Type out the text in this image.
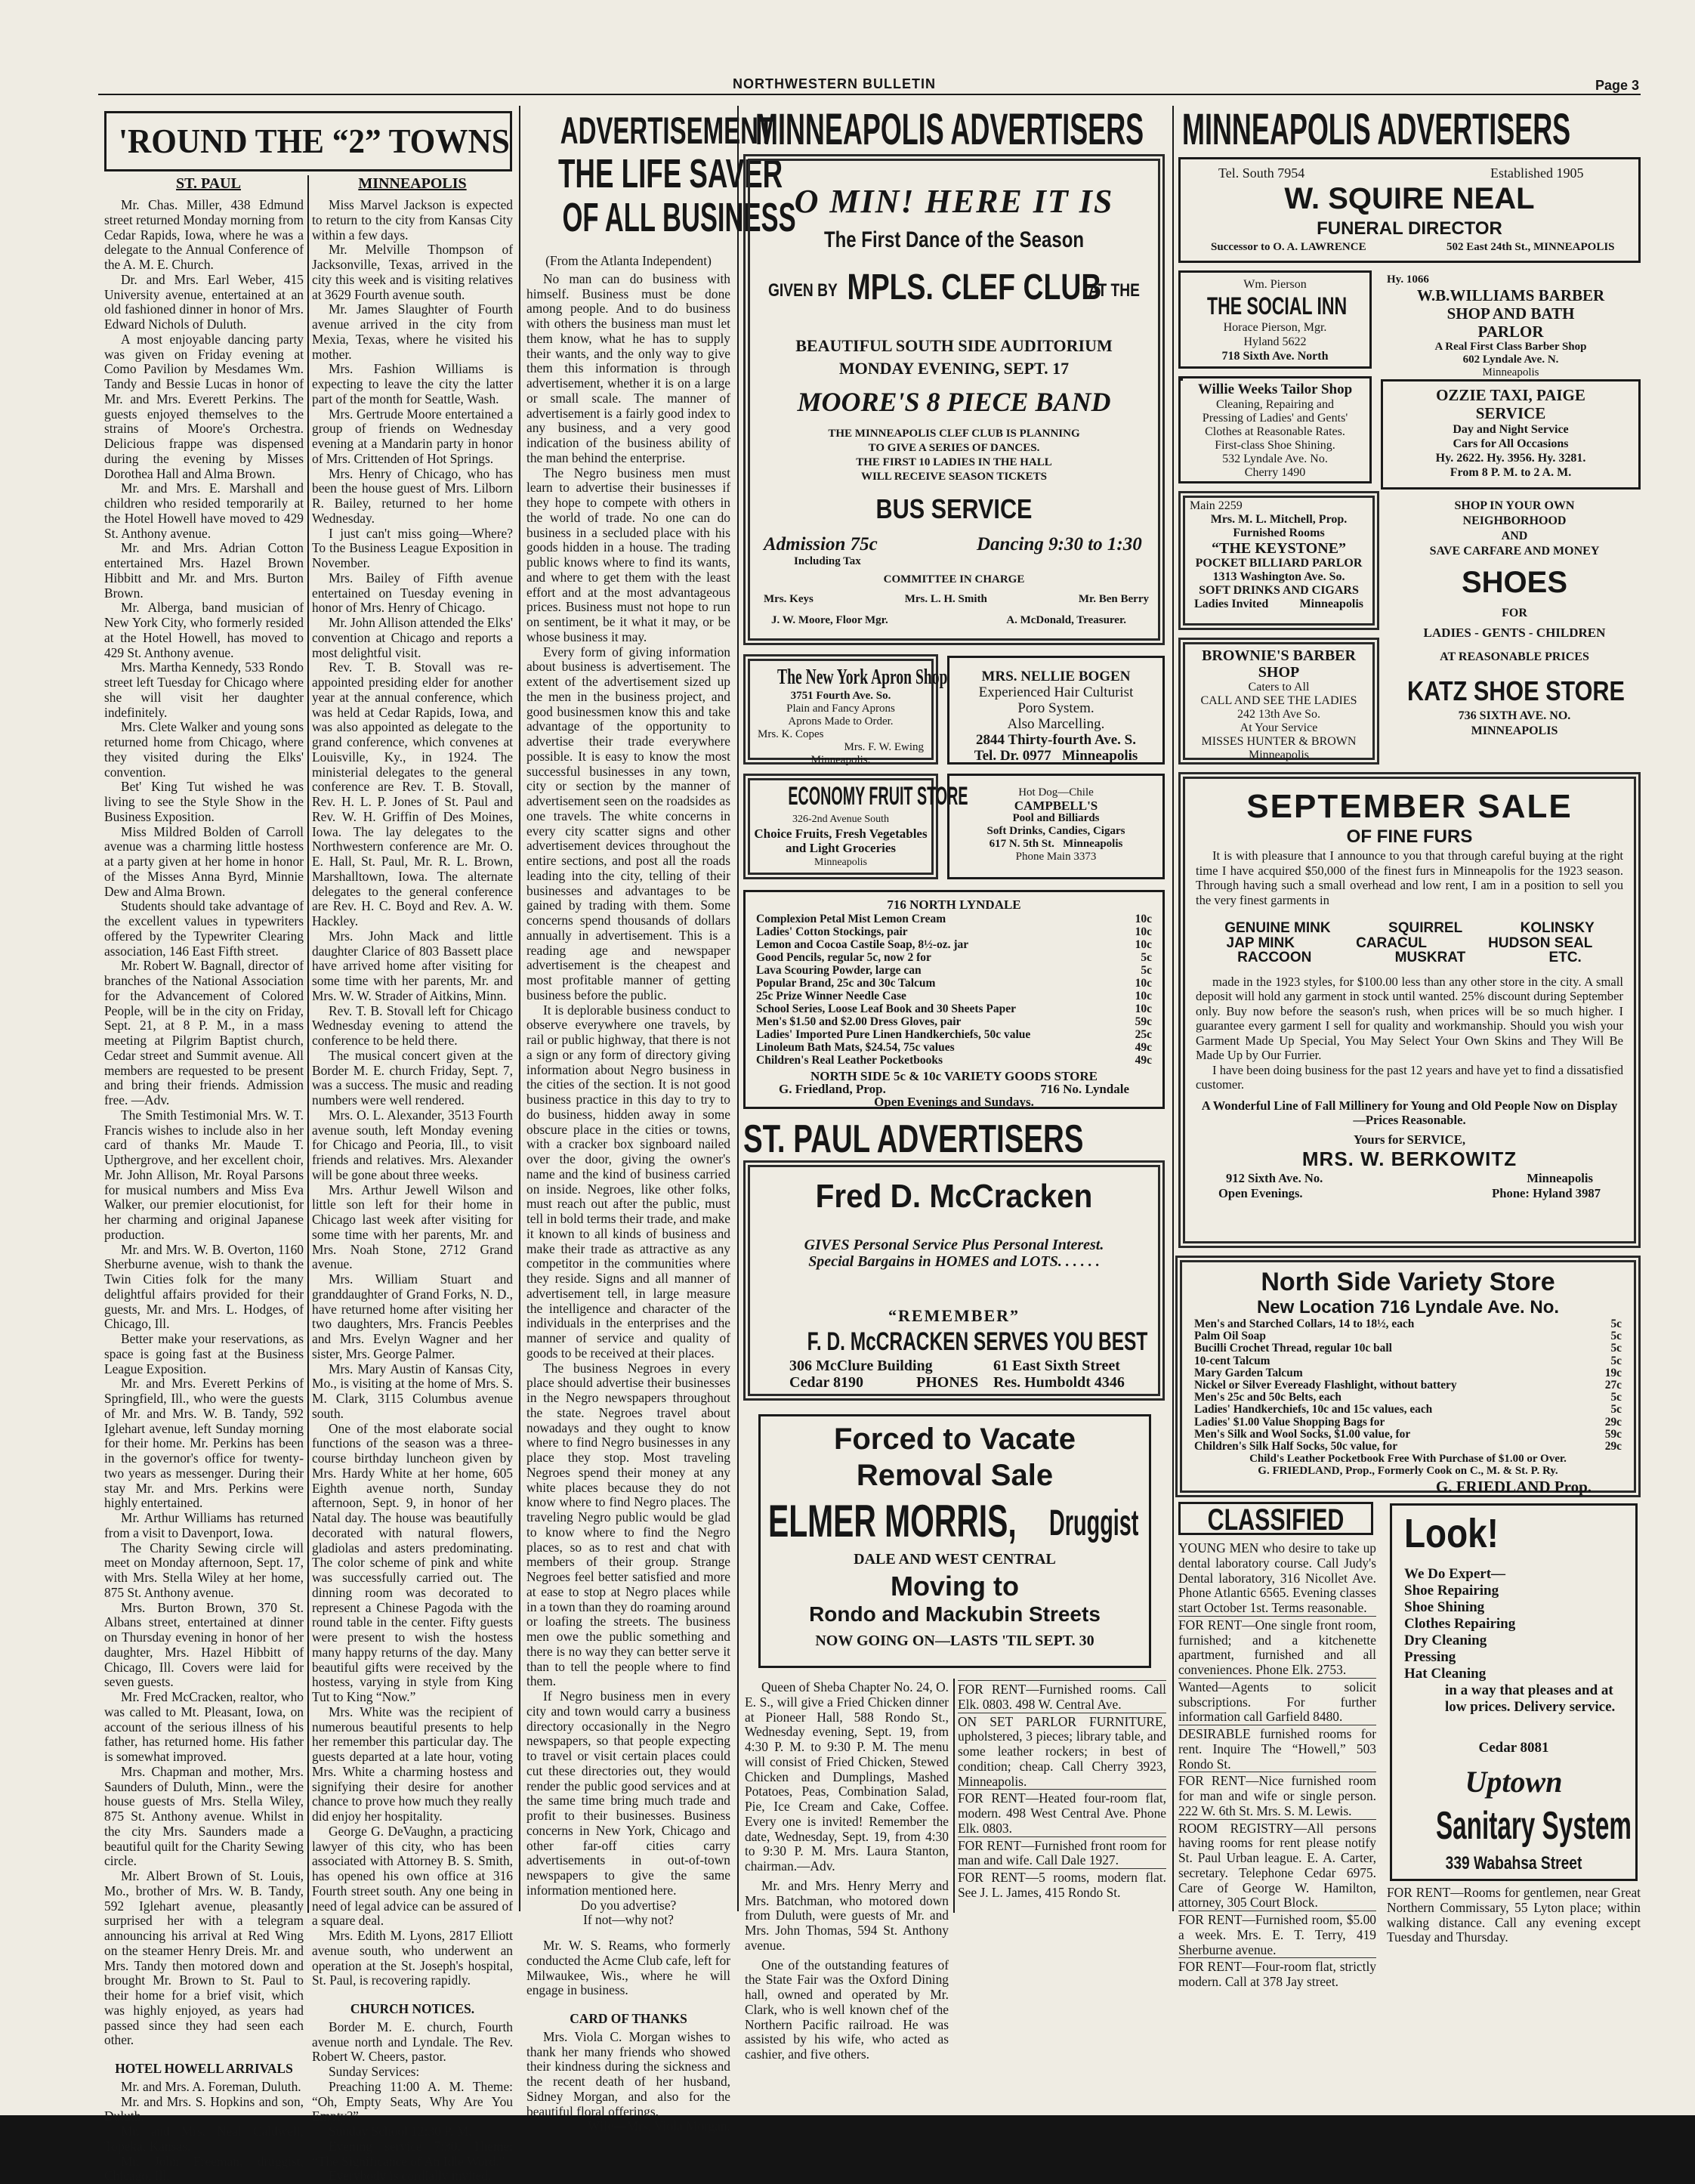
NORTHWESTERN BULLETIN	Page 3
'ROUND THE “2” TOWNS
ST. PAUL	MINNEAPOLIS

Mr. Chas. Miller, 438 Edmund street returned Monday morning from Cedar Rapids, Iowa, where he was a delegate to the Annual Conference of the A. M. E. Church.

Dr. and Mrs. Earl Weber, 415 University avenue, entertained at an old fashioned dinner in honor of Mrs. Edward Nichols of Duluth.

A most enjoyable dancing party was given on Friday evening at Como Pavilion by Mesdames Wm. Tandy and Bessie Lucas in honor of Mr. and Mrs. Everett Perkins. The guests enjoyed themselves to the strains of Moore's Orchestra. Delicious frappe was dispensed during the evening by Misses Dorothea Hall and Alma Brown.

Mr. and Mrs. E. Marshall and children who resided temporarily at the Hotel Howell have moved to 429 St. Anthony avenue.

Mr. and Mrs. Adrian Cotton entertained Mrs. Hazel Brown Hibbitt and Mr. and Mrs. Burton Brown.

Mr. Alberga, band musician of New York City, who formerly resided at the Hotel Howell, has moved to 429 St. Anthony avenue.

Mrs. Martha Kennedy, 533 Rondo street left Tuesday for Chicago where she will visit her daughter indefinitely.

Mrs. Clete Walker and young sons returned home from Chicago, where they visited during the Elks' convention.

Bet' King Tut wished he was living to see the Style Show in the Business Exposition.

Miss Mildred Bolden of Carroll avenue was a charming little hostess at a party given at her home in honor of the Misses Anna Byrd, Minnie Dew and Alma Brown.

Students should take advantage of the excellent values in typewriters offered by the Typewriter Clearing association, 146 East Fifth street.

Mr. Robert W. Bagnall, director of branches of the National Association for the Advancement of Colored People, will be in the city on Friday, Sept. 21, at 8 P. M., in a mass meeting at Pilgrim Baptist church, Cedar street and Summit avenue. All members are requested to be present and bring their friends. Admission free. —Adv.

The Smith Testimonial Mrs. W. T. Francis wishes to include also in her card of thanks Mr. Maude T. Upthergrove, and her excellent choir, Mr. John Allison, Mr. Royal Parsons for musical numbers and Miss Eva Walker, our premier elocutionist, for her charming and original Japanese production.

Mr. and Mrs. W. B. Overton, 1160 Sherburne avenue, wish to thank the Twin Cities folk for the many delightful affairs provided for their guests, Mr. and Mrs. L. Hodges, of Chicago, Ill.

Better make your reservations, as space is going fast at the Business League Exposition.

Mr. and Mrs. Everett Perkins of Springfield, Ill., who were the guests of Mr. and Mrs. W. B. Tandy, 592 Iglehart avenue, left Sunday morning for their home. Mr. Perkins has been in the governor's office for twenty-two years as messenger. During their stay Mr. and Mrs. Perkins were highly entertained.

Mr. Arthur Williams has returned from a visit to Davenport, Iowa.

The Charity Sewing circle will meet on Monday afternoon, Sept. 17, with Mrs. Stella Wiley at her home, 875 St. Anthony avenue.

Mrs. Burton Brown, 370 St. Albans street, entertained at dinner on Thursday evening in honor of her daughter, Mrs. Hazel Hibbitt of Chicago, Ill. Covers were laid for seven guests.

Mr. Fred McCracken, realtor, who was called to Mt. Pleasant, Iowa, on account of the serious illness of his father, has returned home. His father is somewhat improved.

Mrs. Chapman and mother, Mrs. Saunders of Duluth, Minn., were the house guests of Mrs. Stella Wiley, 875 St. Anthony avenue. Whilst in the city Mrs. Saunders made a beautiful quilt for the Charity Sewing circle.

Mr. Albert Brown of St. Louis, Mo., brother of Mrs. W. B. Tandy, 592 Iglehart avenue, pleasantly surprised her with a telegram announcing his arrival at Red Wing on the steamer Henry Dreis. Mr. and Mrs. Tandy then motored down and brought Mr. Brown to St. Paul to their home for a brief visit, which was highly enjoyed, as years had passed since they had seen each other.

HOTEL HOWELL ARRIVALS

Mr. and Mrs. A. Foreman, Duluth.

Mr. and Mrs. S. Hopkins and son, Duluth.

Mr. and Mrs. Neal Caldwell, Topeka, Kansas.

Mr. John Freeman, druggist, Chicago, Ill.

Miss Marvel Jackson is expected to return to the city from Kansas City within a few days.

Mr. Melville Thompson of Jacksonville, Texas, arrived in the city this week and is visiting relatives at 3629 Fourth avenue south.

Mr. James Slaughter of Fourth avenue arrived in the city from Mexia, Texas, where he visited his mother.

Mrs. Fashion Williams is expecting to leave the city the latter part of the month for Seattle, Wash.

Mrs. Gertrude Moore entertained a group of friends on Wednesday evening at a Mandarin party in honor of Mrs. Crittenden of Hot Springs.

Mrs. Henry of Chicago, who has been the house guest of Mrs. Lilborn R. Bailey, returned to her home Wednesday.

I just can't miss going—Where? To the Business League Exposition in November.

Mrs. Bailey of Fifth avenue entertained on Tuesday evening in honor of Mrs. Henry of Chicago.

Mr. John Allison attended the Elks' convention at Chicago and reports a most delightful visit.

Rev. T. B. Stovall was re-appointed presiding elder for another year at the annual conference, which was held at Cedar Rapids, Iowa, and was also appointed as delegate to the grand conference, which convenes at Louisville, Ky., in 1924. The ministerial delegates to the general conference are Rev. T. B. Stovall, Rev. H. L. P. Jones of St. Paul and Rev. W. H. Griffin of Des Moines, Iowa. The lay delegates to the Northwestern conference are Mr. O. E. Hall, St. Paul, Mr. R. L. Brown, Marshalltown, Iowa. The alternate delegates to the general conference are Rev. H. C. Boyd and Rev. A. W. Hackley.

Mrs. John Mack and little daughter Clarice of 803 Bassett place have arrived home after visiting for some time with her parents, Mr. and Mrs. W. W. Strader of Aitkins, Minn.

Rev. T. B. Stovall left for Chicago Wednesday evening to attend the conference to be held there.

The musical concert given at the Border M. E. church Friday, Sept. 7, was a success. The music and reading numbers were well rendered.

Mrs. O. L. Alexander, 3513 Fourth avenue south, left Monday evening for Chicago and Peoria, Ill., to visit friends and relatives. Mrs. Alexander will be gone about three weeks.

Mrs. Arthur Jewell Wilson and little son left for their home in Chicago last week after visiting for some time with her parents, Mr. and Mrs. Noah Stone, 2712 Grand avenue.

Mrs. William Stuart and granddaughter of Grand Forks, N. D., have returned home after visiting her two daughters, Mrs. Francis Peebles and Mrs. Evelyn Wagner and her sister, Mrs. George Palmer.

Mrs. Mary Austin of Kansas City, Mo., is visiting at the home of Mrs. S. M. Clark, 3115 Columbus avenue south.

One of the most elaborate social functions of the season was a three-course birthday luncheon given by Mrs. Hardy White at her home, 605 Eighth avenue north, Sunday afternoon, Sept. 9, in honor of her Natal day. The house was beautifully decorated with natural flowers, gladiolas and asters predominating. The color scheme of pink and white was successfully carried out. The dinning room was decorated to represent a Chinese Pagoda with the round table in the center. Fifty guests were present to wish the hostess many happy returns of the day. Many beautiful gifts were received by the hostess, varying in style from King Tut to King “Now.”

Mrs. White was the recipient of numerous beautiful presents to help her remember this particular day. The guests departed at a late hour, voting Mrs. White a charming hostess and signifying their desire for another chance to prove how much they really did enjoy her hospitality.

George G. DeVaughn, a practicing lawyer of this city, who has been associated with Attorney B. S. Smith, has opened his own office at 316 Fourth street south. Any one being in need of legal advice can be assured of a square deal.

Mrs. Edith M. Lyons, 2817 Elliott avenue south, who underwent an operation at the St. Joseph's hospital, St. Paul, is recovering rapidly.

CHURCH NOTICES.

Border M. E. church, Fourth avenue north and Lyndale. The Rev. Robert W. Cheers, pastor.

Sunday Services:

Preaching 11:00 A. M. Theme: “Oh, Empty Seats, Why Are You Empty?”

Sunday School 12:30 P. M.

Evening service 7:30. Theme: “The Significance of An Idle Word.”

Everybody is cordially invited.

ADVERTISEMENT
THE LIFE SAVER
OF ALL BUSINESS

(From the Atlanta Independent)

No man can do business with himself. Business must be done among people. And to do business with others the business man must let them know, what he has to supply their wants, and the only way to give them this information is through advertisement, whether it is on a large or small scale. The manner of advertisement is a fairly good index to any business, and a very good indication of the business ability of the man behind the enterprise.

The Negro business men must learn to advertise their businesses if they hope to compete with others in the world of trade. No one can do business in a secluded place with his goods hidden in a house. The trading public knows where to find its wants, and where to get them with the least effort and at the most advantageous prices. Business must not hope to run on sentiment, be it what it may, or be whose business it may.

Every form of giving information about business is advertisement. The extent of the advertisement sized up the men in the business project, and good businessmen know this and take advantage of the opportunity to advertise their trade everywhere possible. It is easy to know the most successful businesses in any town, city or section by the manner of advertisement seen on the roadsides as one travels. The white concerns in every city scatter signs and other advertisement devices throughout the entire sections, and post all the roads leading into the city, telling of their businesses and advantages to be gained by trading with them. Some concerns spend thousands of dollars annually in advertisement. This is a reading age and newspaper advertisement is the cheapest and most profitable manner of getting business before the public.

It is deplorable business conduct to observe everywhere one travels, by rail or public highway, that there is not a sign or any form of directory giving information about Negro business in the cities of the section. It is not good business practice in this day to try to do business, hidden away in some obscure place in the cities or towns, with a cracker box signboard nailed over the door, giving the owner's name and the kind of business carried on inside. Negroes, like other folks, must reach out after the public, must tell in bold terms their trade, and make it known to all kinds of business and make their trade as attractive as any competitor in the communities where they reside. Signs and all manner of advertisement tell, in large measure the intelligence and character of the individuals in the enterprises and the manner of service and quality of goods to be received at their places.

The business Negroes in every place should advertise their businesses in the Negro newspapers throughout the state. Negroes travel about nowadays and they ought to know where to find Negro businesses in any place they stop. Most traveling Negroes spend their money at any white places because they do not know where to find Negro places. The traveling Negro public would be glad to know where to find the Negro places, so as to rest and chat with members of their group. Strange Negroes feel better satisfied and more at ease to stop at Negro places while in a town than they do roaming around or loafing the streets. The business men owe the public something and there is no way they can better serve it than to tell the people where to find them.

If Negro business men in every city and town would carry a business directory occasionally in the Negro newspapers, so that people expecting to travel or visit certain places could cut these directories out, they would render the public good services and at the same time bring much trade and profit to their businesses. Business concerns in New York, Chicago and other far-off cities carry advertisements in out-of-town newspapers to give the same information mentioned here.

Do you advertise?

If not—why not?

Mr. W. S. Reams, who formerly conducted the Acme Club cafe, left for Milwaukee, Wis., where he will engage in business.

CARD OF THANKS

Mrs. Viola C. Morgan wishes to thank her many friends who showed their kindness during the sickness and the recent death of her husband, Sidney Morgan, and also for the beautiful floral offerings.

Wife—Mrs. Viola Morgan.

MINNEAPOLIS ADVERTISERS MINNEAPOLIS ADVERTISERS
O MIN! HERE IT IS
The First Dance of the Season
GIVEN BY MPLS. CLEF CLUB
AT THE
BEAUTIFUL SOUTH SIDE AUDITORIUM
MONDAY EVENING, SEPT. 17
MOORE'S 8 PIECE BAND
THE MINNEAPOLIS CLEF CLUB IS PLANNING
TO GIVE A SERIES OF DANCES.
THE FIRST 10 LADIES IN THE HALL
WILL RECEIVE SEASON TICKETS
BUS SERVICE
Admission 75c
Including Tax
Dancing 9:30 to 1:30
COMMITTEE IN CHARGE
Mrs. Keys	Mrs. L. H. Smith	Mr. Ben Berry
J. W. Moore, Floor Mgr.	A. McDonald, Treasurer.
The New York Apron Shop
3751 Fourth Ave. So.
Plain and Fancy Aprons
Aprons Made to Order.
Mrs. K. Copes
Mrs. F. W. Ewing
Minneapolis.
MRS. NELLIE BOGEN
Experienced Hair Culturist
Poro System.
Also Marcelling.
2844 Thirty-fourth Ave. S.
Tel. Dr. 0977 Minneapolis
ECONOMY FRUIT STORE
326-2nd Avenue South
Choice Fruits, Fresh Vegetables
and Light Groceries
Minneapolis
Hot Dog—Chile
CAMPBELL'S
Pool and Billiards
Soft Drinks, Candies, Cigars
617 N. 5th St. Minneapolis
Phone Main 3373
716 NORTH LYNDALE
Complexion Petal Mist Lemon Cream	10c
Ladies' Cotton Stockings, pair	10c
Lemon and Cocoa Castile Soap, 8½-oz. jar	10c
Good Pencils, regular 5c, now 2 for	5c
Lava Scouring Powder, large can	5c
Popular Brand, 25c and 30c Talcum	10c
25c Prize Winner Needle Case	10c
School Series, Loose Leaf Book and 30 Sheets Paper	10c
Men's $1.50 and $2.00 Dress Gloves, pair	59c
Ladies' Imported Pure Linen Handkerchiefs, 50c value	25c
Linoleum Bath Mats, $24.54, 75c values	49c
Children's Real Leather Pocketbooks	49c
NORTH SIDE 5c & 10c VARIETY GOODS STORE
G. Friedland, Prop.	716 No. Lyndale
Open Evenings and Sundays.
ST. PAUL ADVERTISERS
Fred D. McCracken
GIVES Personal Service Plus Personal Interest. Special Bargains in HOMES and LOTS. . . . . .
“REMEMBER”
F. D. McCRACKEN SERVES YOU BEST
306 McClure Building	61 East Sixth Street
Cedar 8190	PHONES Res. Humboldt 4346
Forced to Vacate
Removal Sale
ELMER MORRIS, Druggist
DALE AND WEST CENTRAL
Moving to
Rondo and Mackubin Streets
NOW GOING ON—LASTS 'TIL SEPT. 30

Queen of Sheba Chapter No. 24, O. E. S., will give a Fried Chicken dinner at Pioneer Hall, 588 Rondo St., Wednesday evening, Sept. 19, from 4:30 P. M. to 9:30 P. M. The menu will consist of Fried Chicken, Stewed Chicken and Dumplings, Mashed Potatoes, Peas, Combination Salad, Pie, Ice Cream and Cake, Coffee. Every one is invited! Remember the date, Wednesday, Sept. 19, from 4:30 to 9:30 P. M. Mrs. Laura Stanton, chairman.—Adv.

Mr. and Mrs. Henry Merry and Mrs. Batchman, who motored down from Duluth, were guests of Mr. and Mrs. John Thomas, 594 St. Anthony avenue.

One of the outstanding features of the State Fair was the Oxford Dining hall, owned and operated by Mr. Clark, who is well known chef of the Northern Pacific railroad. He was assisted by his wife, who acted as cashier, and five others.

FOR RENT—Furnished rooms. Call Elk. 0803. 498 W. Central Ave.

ON SET PARLOR FURNITURE, upholstered, 3 pieces; library table, and some leather rockers; in best of condition; cheap. Call Cherry 3923, Minneapolis.

FOR RENT—Heated four-room flat, modern. 498 West Central Ave. Phone Elk. 0803.

FOR RENT—Furnished front room for man and wife. Call Dale 1927.

FOR RENT—5 rooms, modern flat. See J. L. James, 415 Rondo St.

Tel. South 7954	Established 1905
W. SQUIRE NEAL
FUNERAL DIRECTOR
Successor to O. A. LAWRENCE	502 East 24th St., MINNEAPOLIS
Wm. Pierson
THE SOCIAL INN
Horace Pierson, Mgr.
Hyland 5622
718 Sixth Ave. North
Hy. 1066
W.B.WILLIAMS BARBER
SHOP AND BATH
PARLOR
A Real First Class Barber Shop
602 Lyndale Ave. N.
Minneapolis
Willie Weeks Tailor Shop
Cleaning, Repairing and
Pressing of Ladies' and Gents'
Clothes at Reasonable Rates.
First-class Shoe Shining.
532 Lyndale Ave. No.
Cherry 1490
OZZIE TAXI, PAIGE
SERVICE
Day and Night Service
Cars for All Occasions
Hy. 2622. Hy. 3956. Hy. 3281.
From 8 P. M. to 2 A. M.
Main 2259
Mrs. M. L. Mitchell, Prop.
Furnished Rooms
“THE KEYSTONE”
POCKET BILLIARD PARLOR
1313 Washington Ave. So.
SOFT DRINKS AND CIGARS
Ladies Invited	Minneapolis
BROWNIE'S BARBER
SHOP
Caters to All
CALL AND SEE THE LADIES
242 13th Ave So.
At Your Service
MISSES HUNTER & BROWN
Minneapolis
SHOP IN YOUR OWN
NEIGHBORHOOD
AND
SAVE CARFARE AND MONEY
SHOES
FOR
LADIES - GENTS - CHILDREN
AT REASONABLE PRICES
KATZ SHOE STORE
736 SIXTH AVE. NO.
MINNEAPOLIS
SEPTEMBER SALE
OF FINE FURS
It is with pleasure that I announce to you that through careful buying at the right time I have acquired $50,000 of the finest furs in Minneapolis for the 1923 season. Through having such a small overhead and low rent, I am in a position to sell you the very finest garments in
GENUINE MINK	SQUIRREL	KOLINSKY
JAP MINK	CARACUL	HUDSON SEAL
RACCOON	MUSKRAT	ETC.
made in the 1923 styles, for $100.00 less than any other store in the city. A small deposit will hold any garment in stock until wanted. 25% discount during September only. Buy now before the season's rush, when prices will be so much higher. I guarantee every garment I sell for quality and workmanship. Should you wish your Garment Made Up Special, You May Select Your Own Skins and They Will Be Made Up by Our Furrier.
I have been doing business for the past 12 years and have yet to find a dissatisfied customer.
A Wonderful Line of Fall Millinery for Young and Old People Now on Display—Prices Reasonable.
Yours for SERVICE,
MRS. W. BERKOWITZ
912 Sixth Ave. No.	Minneapolis
Open Evenings.	Phone: Hyland 3987
North Side Variety Store
New Location 716 Lyndale Ave. No.
Men's and Starched Collars, 14 to 18½, each	5c
Palm Oil Soap	5c
Bucilli Crochet Thread, regular 10c ball	5c
10-cent Talcum	5c
Mary Garden Talcum	19c
Nickel or Silver Eveready Flashlight, without battery	27c
Men's 25c and 50c Belts, each	5c
Ladies' Handkerchiefs, 10c and 15c values, each	5c
Ladies' $1.00 Value Shopping Bags for	29c
Men's Silk and Wool Socks, $1.00 value, for	59c
Children's Silk Half Socks, 50c value, for	29c
Child's Leather Pocketbook Free With Purchase of $1.00 or Over.
G. FRIEDLAND, Prop., Formerly Cook on C., M. & St. P. Ry.
G. FRIEDLAND Prop.
CLASSIFIED

YOUNG MEN who desire to take up dental laboratory course. Call Judy's Dental laboratory, 316 Nicollet Ave. Phone Atlantic 6565. Evening classes start October 1st. Terms reasonable.

FOR RENT—One single front room, furnished; and a kitchenette apartment, furnished and all conveniences. Phone Elk. 2753.

Wanted—Agents to solicit subscriptions. For further information call Garfield 8480.

DESIRABLE furnished rooms for rent. Inquire The “Howell,” 503 Rondo St.

FOR RENT—Nice furnished room for man and wife or single person. 222 W. 6th St. Mrs. S. M. Lewis.

ROOM REGISTRY—All persons having rooms for rent please notify St. Paul Urban league. E. A. Carter, secretary. Telephone Cedar 6975. Care of George W. Hamilton, attorney, 305 Court Block.

FOR RENT—Furnished room, $5.00 a week. Mrs. E. T. Terry, 419 Sherburne avenue.

FOR RENT—Four-room flat, strictly modern. Call at 378 Jay street.

Look!
We Do Expert—
Shoe Repairing
Shoe Shining
Clothes Repairing
Dry Cleaning
Pressing
Hat Cleaning
in a way that pleases and at low prices. Delivery service.
Cedar 8081
Uptown
Sanitary System
339 Wabahsa Street

FOR RENT—Rooms for gentlemen, near Great Northern Commissary, 55 Lyton place; within walking distance. Call any evening except Tuesday and Thursday.
